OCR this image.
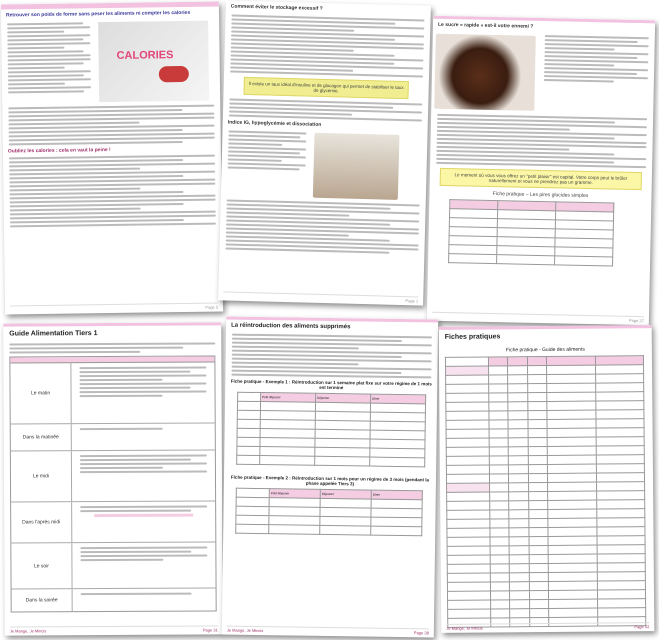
Retrouver son poids de forme sans peser les aliments ni compter les calories
CALORIES
Oubliez les calories : cela en vaut la peine !
Page 5
Comment éviter le stockage excessif ?
Il existe un taux idéal d'insuline et de glucagon qui permet de stabiliser le taux de glycémie.
Indice IG, hypoglycémie et dissociation
Page 1
Le sucre « rapide » est-il votre ennemi ?
Le moment où vous vous offrez un "petit plaisir" est capital. Votre corps peut le brûler naturellement et vous ne prendrez pas un gramme.
Fiche pratique – Les pires glucides simples

Page 27
Guide Alimentation Tiers 1
Le matin
Dans la matinée
Le midi
Dans l'après midi
Le soir
Dans la soirée
Je Mange, Je Mincis	Page 31
La réintroduction des aliments supprimés
Fiche pratique - Exemple 1 : Réintroduction sur 1 semaine plat fixe sur votre régime de 1 mois est terminé
	Petit déjeuner	Déjeuner	Dîner

Fiche pratique - Exemple 2 : Réintroduction sur 1 mois pour un régime de 3 mois (pendant la phase appelée Tiers 3)
	Petit déjeuner	Déjeuner	Dîner

Je Mange, Je Mincis	Page 38
Fiches pratiques
Fiche pratique - Guide des aliments

Je Mange, Je Mincis	Page 42
